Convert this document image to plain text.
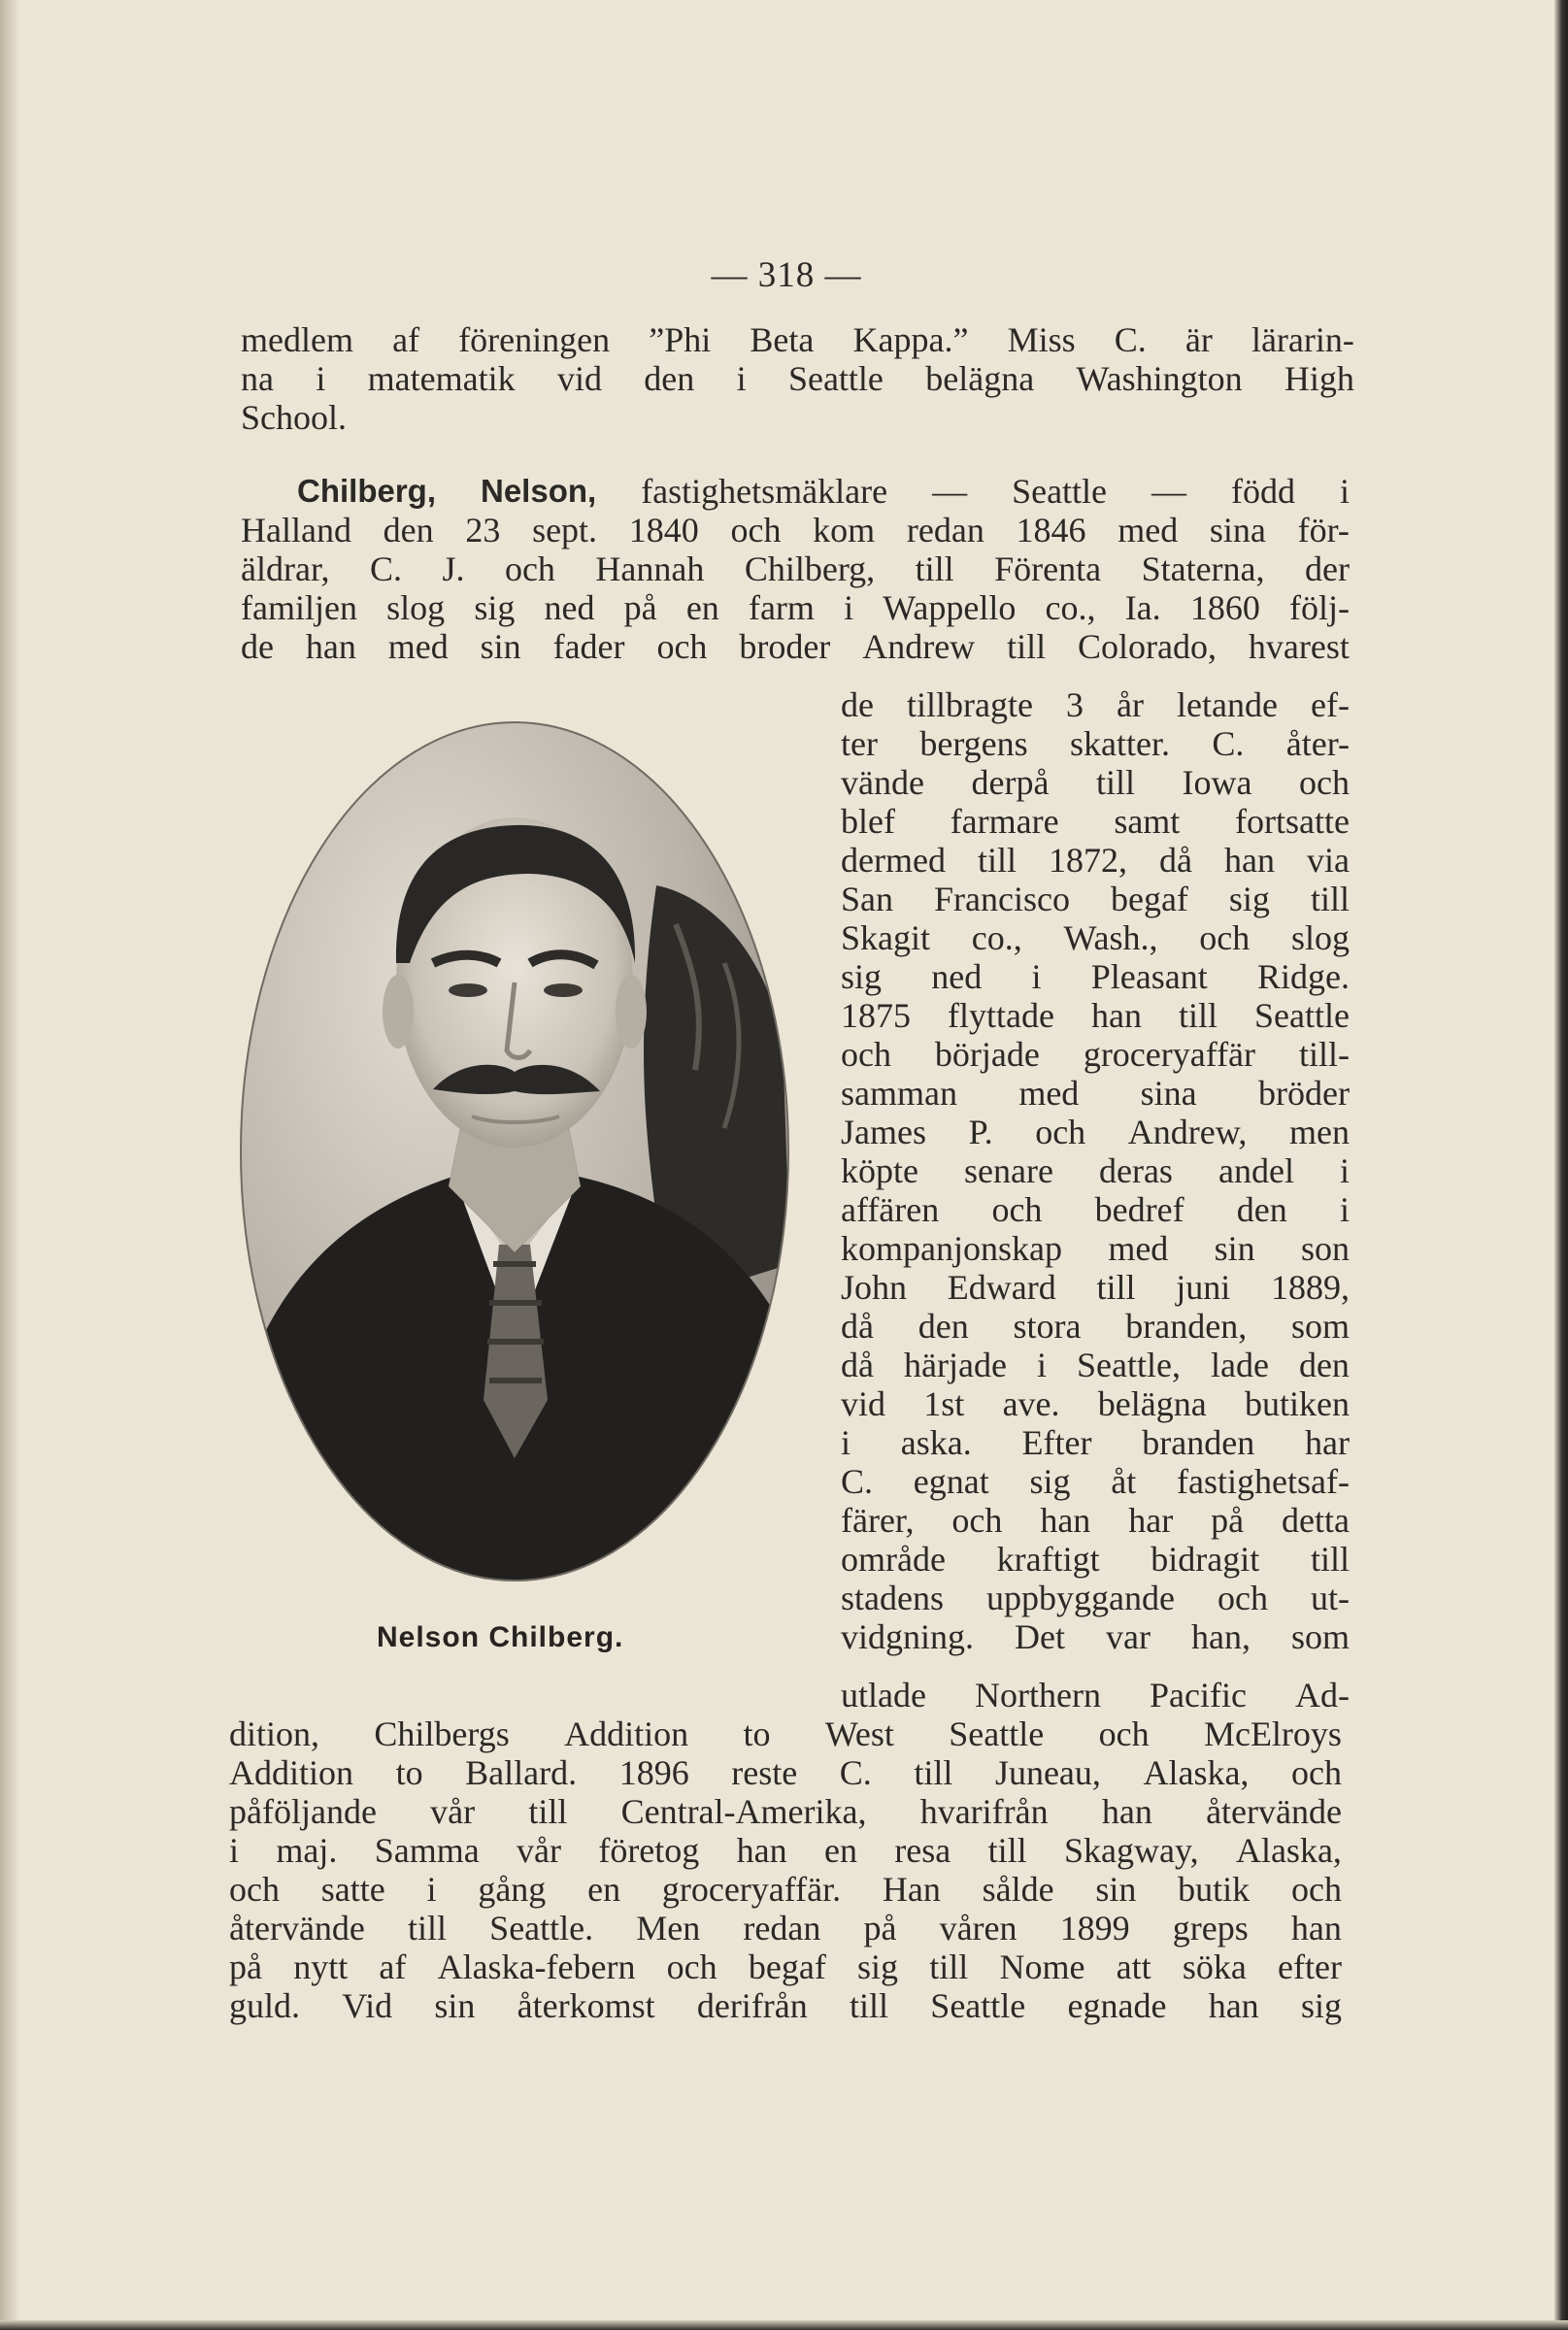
— 318 —
medlem af föreningen ”Phi Beta Kappa.” Miss C. är lärarin-
na i matematik vid den i Seattle belägna Washington High
School.
Chilberg, Nelson, fastighetsmäklare — Seattle — född i
Halland den 23 sept. 1840 och kom redan 1846 med sina för-
äldrar, C. J. och Hannah Chilberg, till Förenta Staterna, der
familjen slog sig ned på en farm i Wappello co., Ia. 1860 följ-
de han med sin fader och broder Andrew till Colorado, hvarest
de tillbragte 3 år letande ef-
ter bergens skatter. C. åter-
vände derpå till Iowa och
blef farmare samt fortsatte
dermed till 1872, då han via
San Francisco begaf sig till
Skagit co., Wash., och slog
sig ned i Pleasant Ridge.
1875 flyttade han till Seattle
och började groceryaffär till-
samman med sina bröder
James P. och Andrew, men
köpte senare deras andel i
affären och bedref den i
kompanjonskap med sin son
John Edward till juni 1889,
då den stora branden, som
då härjade i Seattle, lade den
vid 1st ave. belägna butiken
i aska. Efter branden har
C. egnat sig åt fastighetsaf-
färer, och han har på detta
område kraftigt bidragit till
stadens uppbyggande och ut-
vidgning. Det var han, som
utlade Northern Pacific Ad-
dition, Chilbergs Addition to West Seattle och McElroys
Addition to Ballard. 1896 reste C. till Juneau, Alaska, och
påföljande vår till Central-Amerika, hvarifrån han återvände
i maj. Samma vår företog han en resa till Skagway, Alaska,
och satte i gång en groceryaffär. Han sålde sin butik och
återvände till Seattle. Men redan på våren 1899 greps han
på nytt af Alaska-febern och begaf sig till Nome att söka efter
guld. Vid sin återkomst derifrån till Seattle egnade han sig
Nelson Chilberg.
